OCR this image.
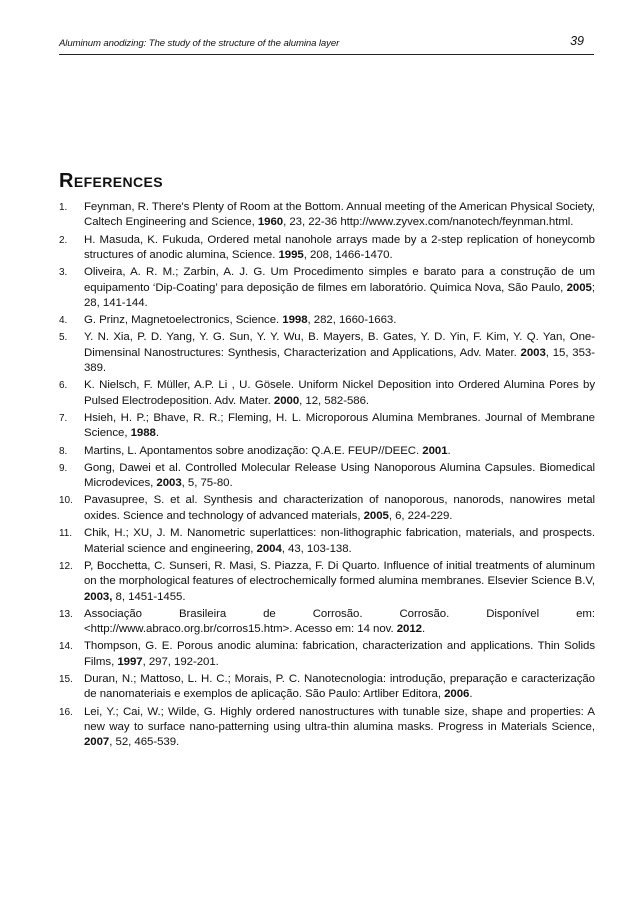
Aluminum anodizing: The study of the structure of the alumina layer	39
References
1. Feynman, R. There's Plenty of Room at the Bottom. Annual meeting of the American Physical Society, Caltech Engineering and Science, 1960, 23, 22-36 http://www.zyvex.com/nanotech/feynman.html.
2. H. Masuda, K. Fukuda, Ordered metal nanohole arrays made by a 2-step replication of honeycomb structures of anodic alumina, Science. 1995, 208, 1466-1470.
3. Oliveira, A. R. M.; Zarbin, A. J. G. Um Procedimento simples e barato para a construção de um equipamento ‘Dip-Coating’ para deposição de filmes em laboratório. Quimica Nova, São Paulo, 2005; 28, 141-144.
4. G. Prinz, Magnetoelectronics, Science. 1998, 282, 1660-1663.
5. Y. N. Xia, P. D. Yang, Y. G. Sun, Y. Y. Wu, B. Mayers, B. Gates, Y. D. Yin, F. Kim, Y. Q. Yan, One-Dimensinal Nanostructures: Synthesis, Characterization and Applications, Adv. Mater. 2003, 15, 353-389.
6. K. Nielsch, F. Müller, A.P. Li , U. Gösele. Uniform Nickel Deposition into Ordered Alumina Pores by Pulsed Electrodeposition. Adv. Mater. 2000, 12, 582-586.
7. Hsieh, H. P.; Bhave, R. R.; Fleming, H. L. Microporous Alumina Membranes. Journal of Membrane Science, 1988.
8. Martins, L. Apontamentos sobre anodização: Q.A.E. FEUP//DEEC. 2001.
9. Gong, Dawei et al. Controlled Molecular Release Using Nanoporous Alumina Capsules. Biomedical Microdevices, 2003, 5, 75-80.
10. Pavasupree, S. et al. Synthesis and characterization of nanoporous, nanorods, nanowires metal oxides. Science and technology of advanced materials, 2005, 6, 224-229.
11. Chik, H.; XU, J. M. Nanometric superlattices: non-lithographic fabrication, materials, and prospects. Material science and engineering, 2004, 43, 103-138.
12. P, Bocchetta, C. Sunseri, R. Masi, S. Piazza, F. Di Quarto. Influence of initial treatments of aluminum on the morphological features of electrochemically formed alumina membranes. Elsevier Science B.V, 2003, 8, 1451-1455.
13. Associação Brasileira de Corrosão. Corrosão. Disponível em: <http://www.abraco.org.br/corros15.htm>. Acesso em: 14 nov. 2012.
14. Thompson, G. E. Porous anodic alumina: fabrication, characterization and applications. Thin Solids Films, 1997, 297, 192-201.
15. Duran, N.; Mattoso, L. H. C.; Morais, P. C. Nanotecnologia: introdução, preparação e caracterização de nanomateriais e exemplos de aplicação. São Paulo: Artliber Editora, 2006.
16. Lei, Y.; Cai, W.; Wilde, G. Highly ordered nanostructures with tunable size, shape and properties: A new way to surface nano-patterning using ultra-thin alumina masks. Progress in Materials Science, 2007, 52, 465-539.
